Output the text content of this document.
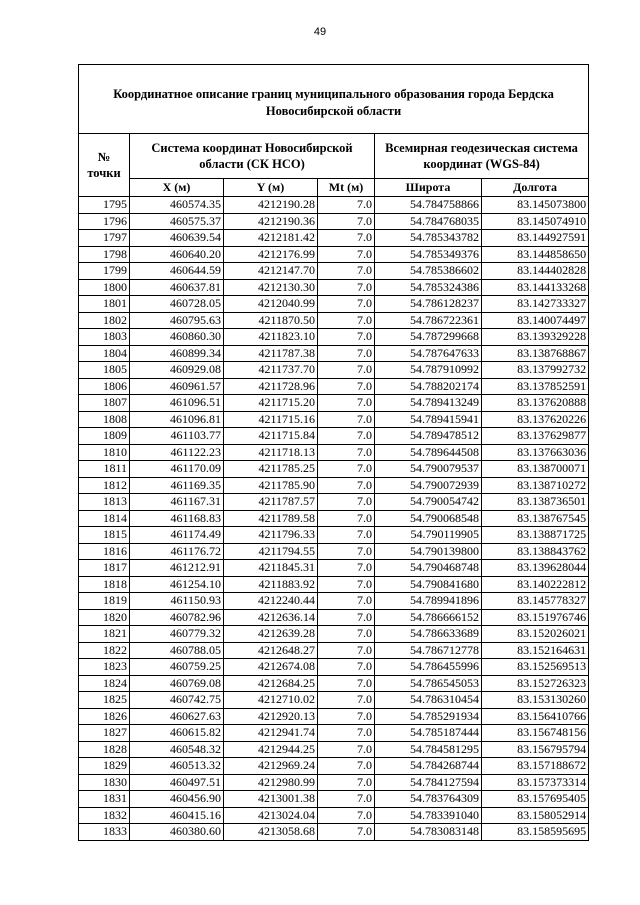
49
Координатное описание границ муниципального образования города Бердска Новосибирской области					
№ точки	Система координат Новосибирской области (СК НСО)			Всемирная геодезическая система координат (WGS-84)	
	X (м)	Y (м)	Mt (м)	Широта	Долгота
1795	460574.35	4212190.28	7.0	54.784758866	83.145073800
1796	460575.37	4212190.36	7.0	54.784768035	83.145074910
1797	460639.54	4212181.42	7.0	54.785343782	83.144927591
1798	460640.20	4212176.99	7.0	54.785349376	83.144858650
1799	460644.59	4212147.70	7.0	54.785386602	83.144402828
1800	460637.81	4212130.30	7.0	54.785324386	83.144133268
1801	460728.05	4212040.99	7.0	54.786128237	83.142733327
1802	460795.63	4211870.50	7.0	54.786722361	83.140074497
1803	460860.30	4211823.10	7.0	54.787299668	83.139329228
1804	460899.34	4211787.38	7.0	54.787647633	83.138768867
1805	460929.08	4211737.70	7.0	54.787910992	83.137992732
1806	460961.57	4211728.96	7.0	54.788202174	83.137852591
1807	461096.51	4211715.20	7.0	54.789413249	83.137620888
1808	461096.81	4211715.16	7.0	54.789415941	83.137620226
1809	461103.77	4211715.84	7.0	54.789478512	83.137629877
1810	461122.23	4211718.13	7.0	54.789644508	83.137663036
1811	461170.09	4211785.25	7.0	54.790079537	83.138700071
1812	461169.35	4211785.90	7.0	54.790072939	83.138710272
1813	461167.31	4211787.57	7.0	54.790054742	83.138736501
1814	461168.83	4211789.58	7.0	54.790068548	83.138767545
1815	461174.49	4211796.33	7.0	54.790119905	83.138871725
1816	461176.72	4211794.55	7.0	54.790139800	83.138843762
1817	461212.91	4211845.31	7.0	54.790468748	83.139628044
1818	461254.10	4211883.92	7.0	54.790841680	83.140222812
1819	461150.93	4212240.44	7.0	54.789941896	83.145778327
1820	460782.96	4212636.14	7.0	54.786666152	83.151976746
1821	460779.32	4212639.28	7.0	54.786633689	83.152026021
1822	460788.05	4212648.27	7.0	54.786712778	83.152164631
1823	460759.25	4212674.08	7.0	54.786455996	83.152569513
1824	460769.08	4212684.25	7.0	54.786545053	83.152726323
1825	460742.75	4212710.02	7.0	54.786310454	83.153130260
1826	460627.63	4212920.13	7.0	54.785291934	83.156410766
1827	460615.82	4212941.74	7.0	54.785187444	83.156748156
1828	460548.32	4212944.25	7.0	54.784581295	83.156795794
1829	460513.32	4212969.24	7.0	54.784268744	83.157188672
1830	460497.51	4212980.99	7.0	54.784127594	83.157373314
1831	460456.90	4213001.38	7.0	54.783764309	83.157695405
1832	460415.16	4213024.04	7.0	54.783391040	83.158052914
1833	460380.60	4213058.68	7.0	54.783083148	83.158595695
